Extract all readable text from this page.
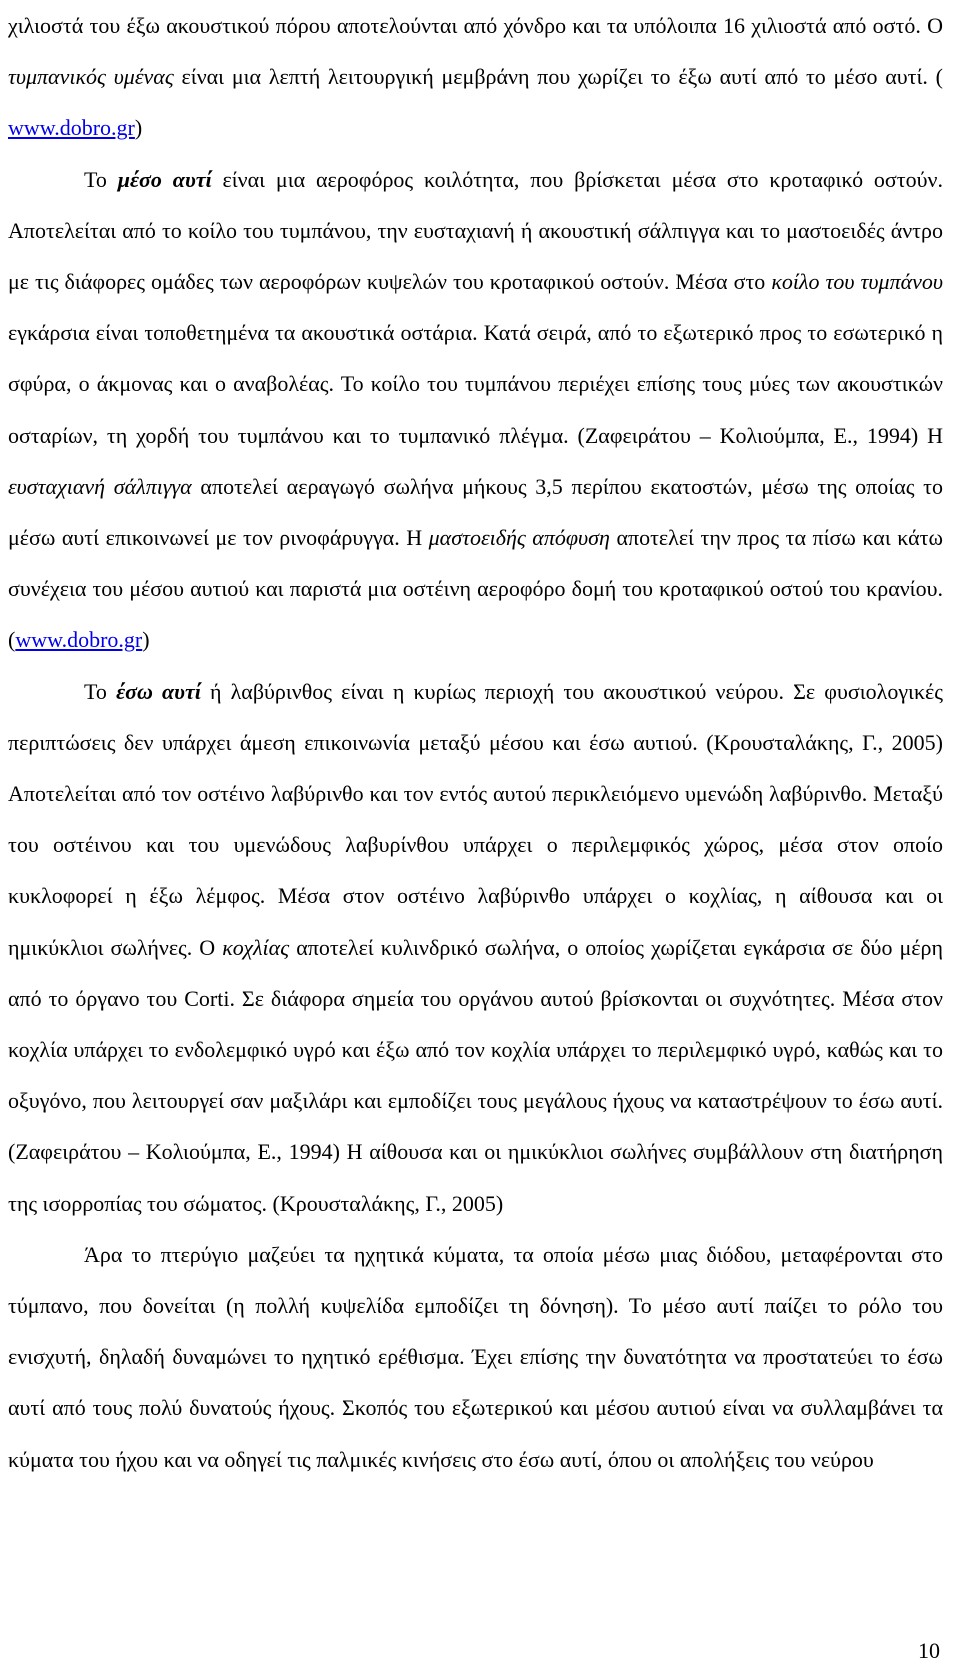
χιλιοστά του έξω ακουστικού πόρου αποτελούνται από χόνδρο και τα υπόλοιπα 16 χιλιοστά από οστό. Ο τυμπανικός υμένας είναι μια λεπτή λειτουργική μεμβράνη που χωρίζει το έξω αυτί από το μέσο αυτί. ( www.dobro.gr)

Το μέσο αυτί είναι μια αεροφόρος κοιλότητα, που βρίσκεται μέσα στο κροταφικό οστούν. Αποτελείται από το κοίλο του τυμπάνου, την ευσταχιανή ή ακουστική σάλπιγγα και το μαστοειδές άντρο με τις διάφορες ομάδες των αεροφόρων κυψελών του κροταφικού οστούν. Μέσα στο κοίλο του τυμπάνου εγκάρσια είναι τοποθετημένα τα ακουστικά οστάρια. Κατά σειρά, από το εξωτερικό προς το εσωτερικό η σφύρα, ο άκμονας και ο αναβολέας. Το κοίλο του τυμπάνου περιέχει επίσης τους μύες των ακουστικών οσταρίων, τη χορδή του τυμπάνου και το τυμπανικό πλέγμα. (Ζαφειράτου – Κολιούμπα, Ε., 1994) Η ευσταχιανή σάλπιγγα αποτελεί αεραγωγό σωλήνα μήκους 3,5 περίπου εκατοστών, μέσω της οποίας το μέσω αυτί επικοινωνεί με τον ρινοφάρυγγα. Η μαστοειδής απόφυση αποτελεί την προς τα πίσω και κάτω συνέχεια του μέσου αυτιού και παριστά μια οστέινη αεροφόρο δομή του κροταφικού οστού του κρανίου. (www.dobro.gr)

Το έσω αυτί ή λαβύρινθος είναι η κυρίως περιοχή του ακουστικού νεύρου. Σε φυσιολογικές περιπτώσεις δεν υπάρχει άμεση επικοινωνία μεταξύ μέσου και έσω αυτιού. (Κρουσταλάκης, Γ., 2005) Αποτελείται από τον οστέινο λαβύρινθο και τον εντός αυτού περικλειόμενο υμενώδη λαβύρινθο. Μεταξύ του οστέινου και του υμενώδους λαβυρίνθου υπάρχει ο περιλεμφικός χώρος, μέσα στον οποίο κυκλοφορεί η έξω λέμφος. Μέσα στον οστέινο λαβύρινθο υπάρχει ο κοχλίας, η αίθουσα και οι ημικύκλιοι σωλήνες. Ο κοχλίας αποτελεί κυλινδρικό σωλήνα, ο οποίος χωρίζεται εγκάρσια σε δύο μέρη από το όργανο του Corti. Σε διάφορα σημεία του οργάνου αυτού βρίσκονται οι συχνότητες. Μέσα στον κοχλία υπάρχει το ενδολεμφικό υγρό και έξω από τον κοχλία υπάρχει το περιλεμφικό υγρό, καθώς και το οξυγόνο, που λειτουργεί σαν μαξιλάρι και εμποδίζει τους μεγάλους ήχους να καταστρέψουν το έσω αυτί. (Ζαφειράτου – Κολιούμπα, Ε., 1994) Η αίθουσα και οι ημικύκλιοι σωλήνες συμβάλλουν στη διατήρηση της ισορροπίας του σώματος. (Κρουσταλάκης, Γ., 2005)

Άρα το πτερύγιο μαζεύει τα ηχητικά κύματα, τα οποία μέσω μιας διόδου, μεταφέρονται στο τύμπανο, που δονείται (η πολλή κυψελίδα εμποδίζει τη δόνηση). Το μέσο αυτί παίζει το ρόλο του ενισχυτή, δηλαδή δυναμώνει το ηχητικό ερέθισμα. Έχει επίσης την δυνατότητα να προστατεύει το έσω αυτί από τους πολύ δυνατούς ήχους. Σκοπός του εξωτερικού και μέσου αυτιού είναι να συλλαμβάνει τα κύματα του ήχου και να οδηγεί τις παλμικές κινήσεις στο έσω αυτί, όπου οι απολήξεις του νεύρου

10
